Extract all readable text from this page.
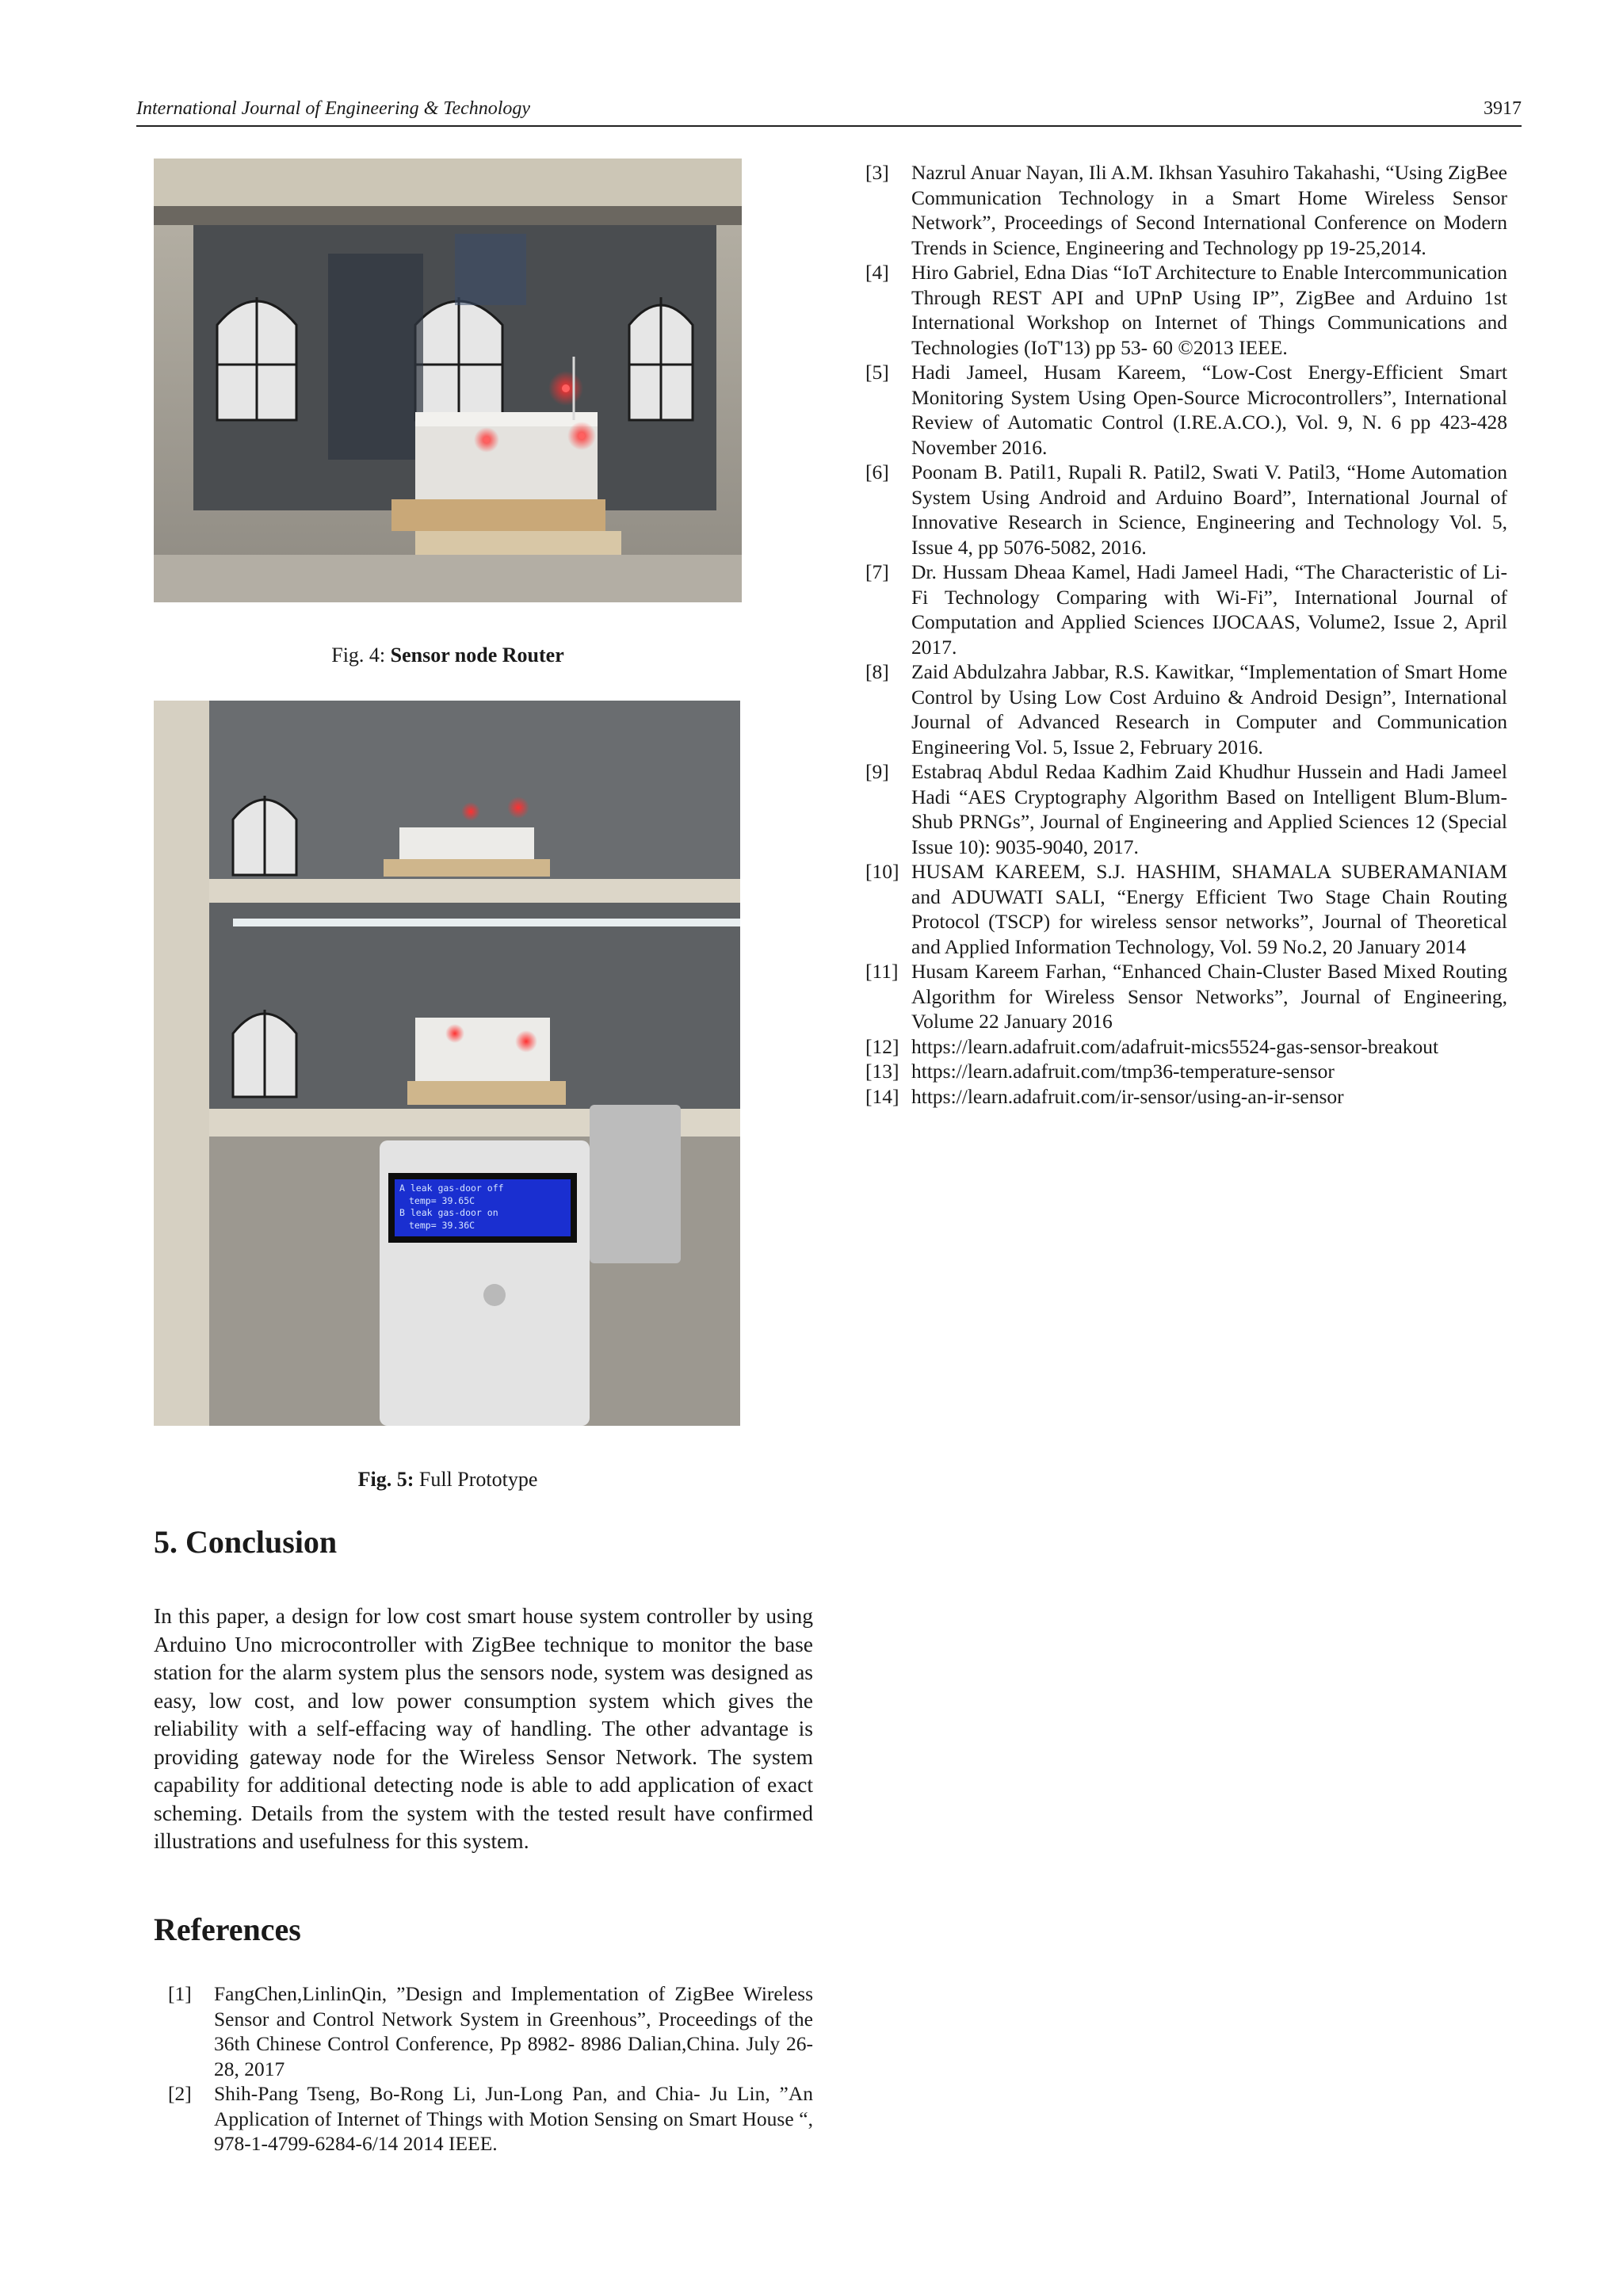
International Journal of Engineering & Technology	3917
Fig. 4: Sensor node Router
A leak gas-door off
temp= 39.65C
B leak gas-door on
temp= 39.36C
Fig. 5: Full Prototype
5. Conclusion
In this paper, a design for low cost smart house system controller by using Arduino Uno microcontroller with ZigBee technique to monitor the base station for the alarm system plus the sensors node, system was designed as easy, low cost, and low power consumption system which gives the reliability with a self-effacing way of handling. The other advantage is providing gateway node for the Wireless Sensor Network. The system capability for additional detecting node is able to add application of exact scheming. Details from the system with the tested result have confirmed illustrations and usefulness for this system.
References
[1] FangChen,LinlinQin, ”Design and Implementation of ZigBee Wireless Sensor and Control Network System in Greenhous”, Proceedings of the 36th Chinese Control Conference, Pp 8982- 8986 Dalian,China. July 26-28, 2017
[2] Shih-Pang Tseng, Bo-Rong Li, Jun-Long Pan, and Chia- Ju Lin, ”An Application of Internet of Things with Motion Sensing on Smart House “, 978-1-4799-6284-6/14 2014 IEEE.
[3] Nazrul Anuar Nayan, Ili A.M. Ikhsan Yasuhiro Takahashi, “Using ZigBee Communication Technology in a Smart Home Wireless Sensor Network”, Proceedings of Second International Conference on Modern Trends in Science, Engineering and Technology pp 19-25,2014.
[4] Hiro Gabriel, Edna Dias “IoT Architecture to Enable Intercommunication Through REST API and UPnP Using IP”, ZigBee and Arduino 1st International Workshop on Internet of Things Communications and Technologies (IoT'13) pp 53- 60 ©2013 IEEE.
[5] Hadi Jameel, Husam Kareem, “Low-Cost Energy-Efficient Smart Monitoring System Using Open-Source Microcontrollers”, International Review of Automatic Control (I.RE.A.CO.), Vol. 9, N. 6 pp 423-428 November 2016.
[6] Poonam B. Patil1, Rupali R. Patil2, Swati V. Patil3, “Home Automation System Using Android and Arduino Board”, International Journal of Innovative Research in Science, Engineering and Technology Vol. 5, Issue 4, pp 5076-5082, 2016.
[7] Dr. Hussam Dheaa Kamel, Hadi Jameel Hadi, “The Characteristic of Li-Fi Technology Comparing with Wi-Fi”, International Journal of Computation and Applied Sciences IJOCAAS, Volume2, Issue 2, April 2017.
[8] Zaid Abdulzahra Jabbar, R.S. Kawitkar, “Implementation of Smart Home Control by Using Low Cost Arduino & Android Design”, International Journal of Advanced Research in Computer and Communication Engineering Vol. 5, Issue 2, February 2016.
[9] Estabraq Abdul Redaa Kadhim Zaid Khudhur Hussein and Hadi Jameel Hadi “AES Cryptography Algorithm Based on Intelligent Blum-Blum-Shub PRNGs”, Journal of Engineering and Applied Sciences 12 (Special Issue 10): 9035-9040, 2017.
[10] HUSAM KAREEM, S.J. HASHIM, SHAMALA SUBERAMANIAM and ADUWATI SALI, “Energy Efficient Two Stage Chain Routing Protocol (TSCP) for wireless sensor networks”, Journal of Theoretical and Applied Information Technology, Vol. 59 No.2, 20 January 2014
[11] Husam Kareem Farhan, “Enhanced Chain-Cluster Based Mixed Routing Algorithm for Wireless Sensor Networks”, Journal of Engineering, Volume 22 January 2016
[12] https://learn.adafruit.com/adafruit-mics5524-gas-sensor-breakout
[13] https://learn.adafruit.com/tmp36-temperature-sensor
[14] https://learn.adafruit.com/ir-sensor/using-an-ir-sensor
